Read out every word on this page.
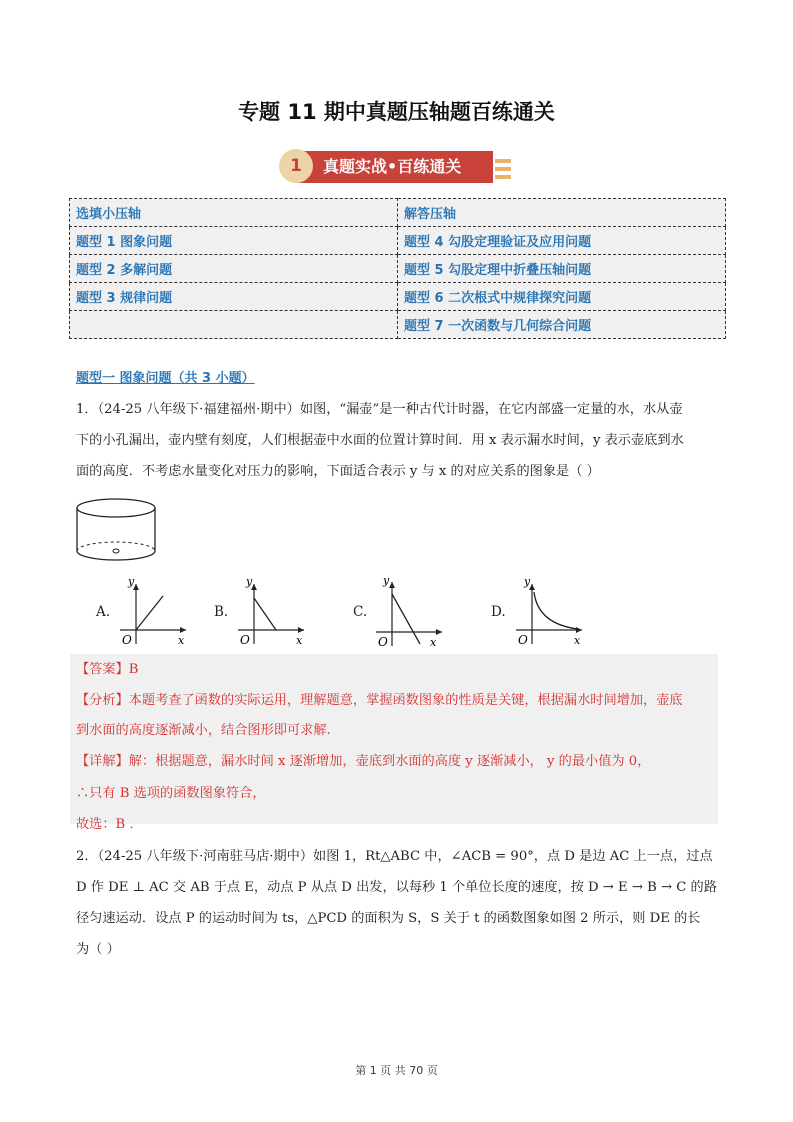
专题 11 期中真题压轴题百练通关
1	真题实战•百练通关
选填小压轴	解答压轴
题型 1 图象问题	题型 4 勾股定理验证及应用问题
题型 2 多解问题	题型 5 勾股定理中折叠压轴问题
题型 3 规律问题	题型 6 二次根式中规律探究问题
	题型 7 一次函数与几何综合问题
题型一 图象问题（共 3 小题）
1．（24-25 八年级下·福建福州·期中）如图，“漏壶”是一种古代计时器，在它内部盛一定量的水，水从壶
下的小孔漏出，壶内壁有刻度，人们根据壶中水面的位置计算时间．用 x 表示漏水时间，y 表示壶底到水
面的高度．不考虑水量变化对压力的影响，下面适合表示 y 与 x 的对应关系的图象是（ ）
A.
y
x
O
B.
y
x
O
C.
y
x
O
D.
y
x
O
【答案】B
【分析】本题考查了函数的实际运用，理解题意，掌握函数图象的性质是关键，根据漏水时间增加，壶底
到水面的高度逐渐减小，结合图形即可求解.
【详解】解：根据题意，漏水时间 x 逐渐增加，壶底到水面的高度 y 逐渐减小， y 的最小值为 0，
∴只有 B 选项的函数图象符合，
故选：B ．
2．（24-25 八年级下·河南驻马店·期中）如图 1，Rt△ABC 中，∠ACB = 90°，点 D 是边 AC 上一点，过点
D 作 DE ⊥ AC 交 AB 于点 E，动点 P 从点 D 出发，以每秒 1 个单位长度的速度，按 D → E → B → C 的路
径匀速运动．设点 P 的运动时间为 ts，△PCD 的面积为 S，S 关于 t 的函数图象如图 2 所示，则 DE 的长
为（ ）
第 1 页 共 70 页
